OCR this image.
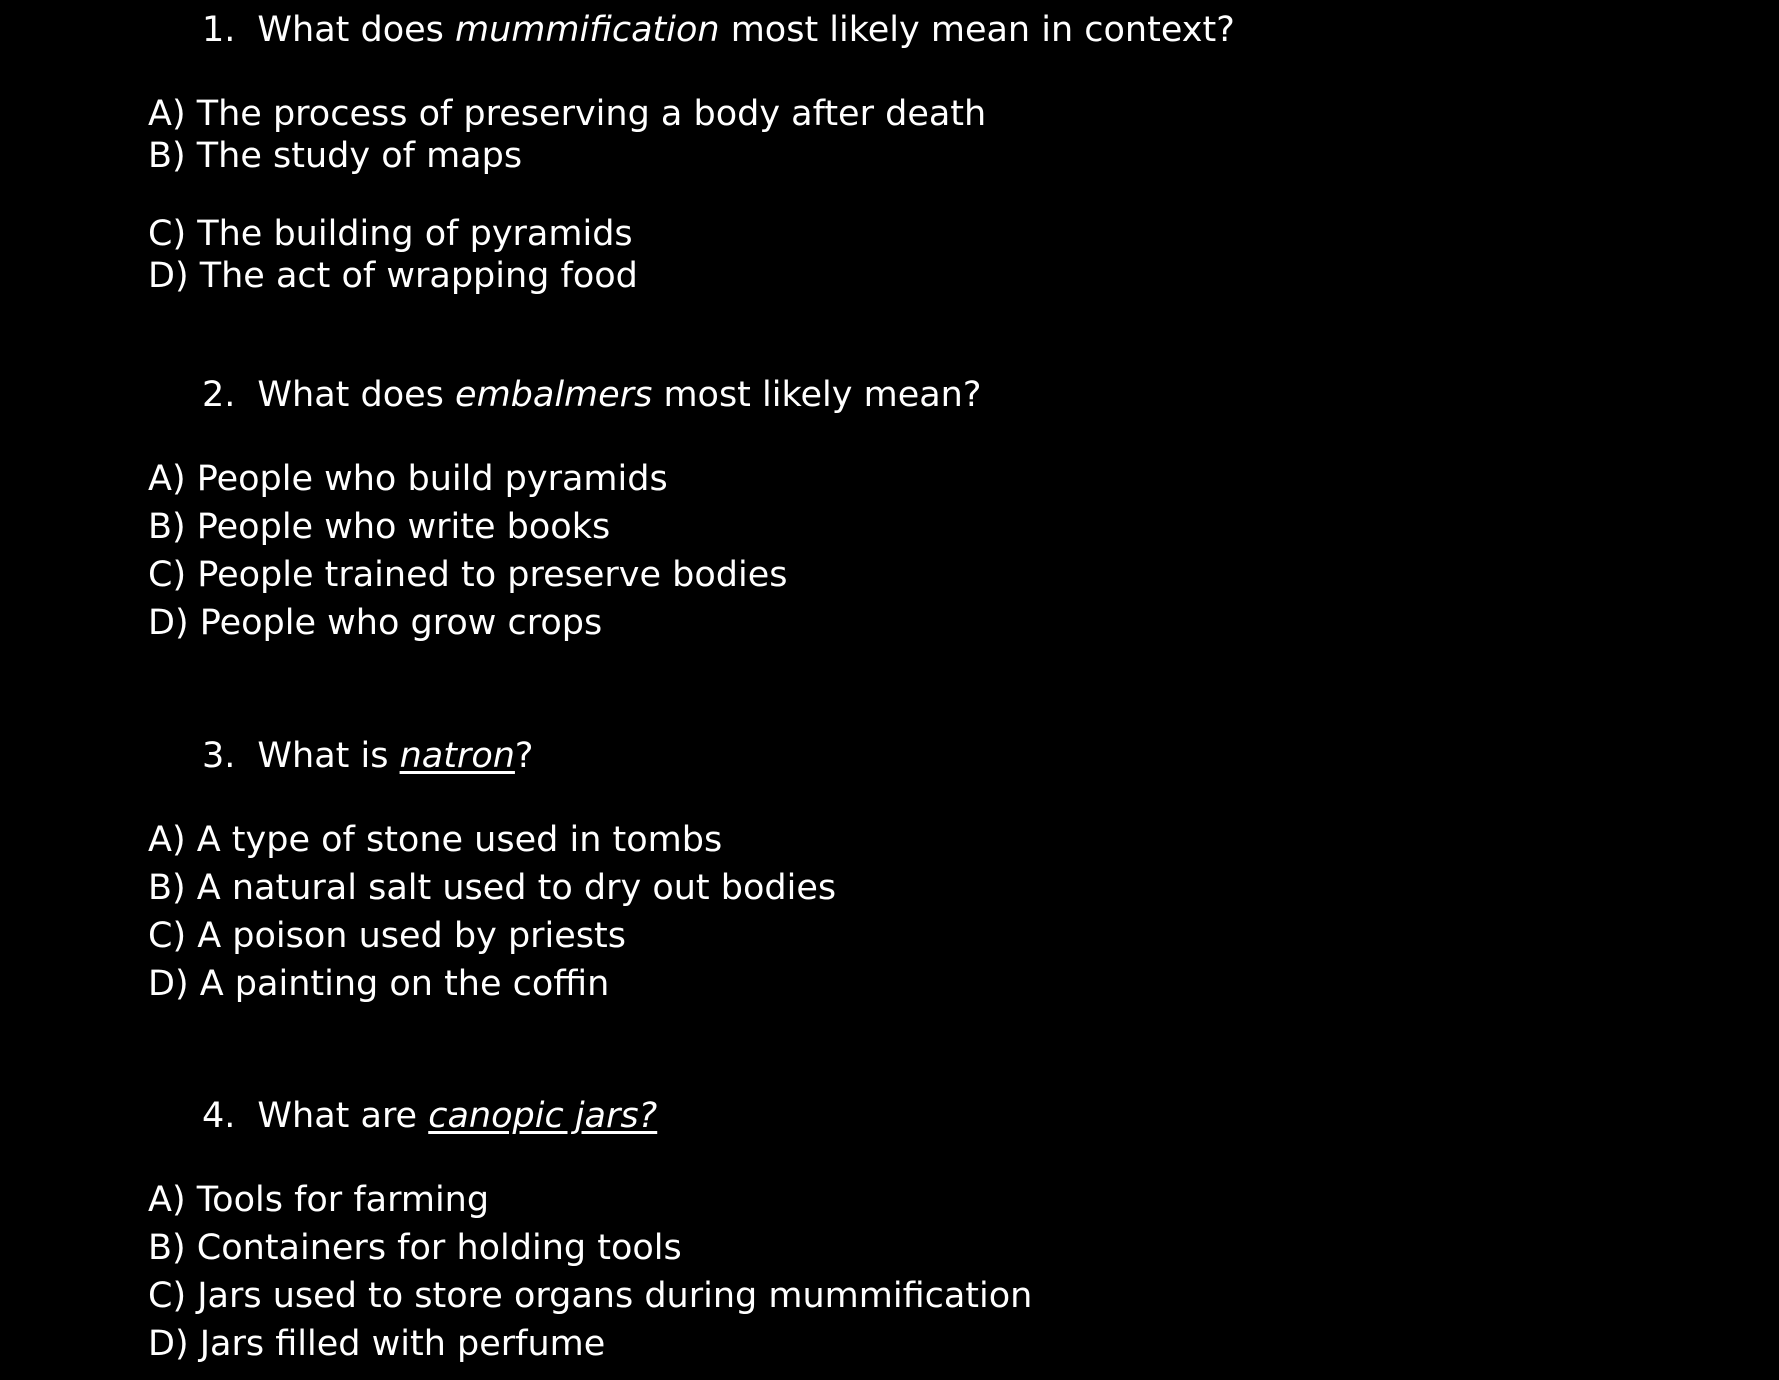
1. What does mummification most likely mean in context?
A) The process of preserving a body after death
B) The study of maps
C) The building of pyramids
D) The act of wrapping food
2. What does embalmers most likely mean?
A) People who build pyramids
B) People who write books
C) People trained to preserve bodies
D) People who grow crops
3. What is natron?
A) A type of stone used in tombs
B) A natural salt used to dry out bodies
C) A poison used by priests
D) A painting on the coffin
4. What are canopic jars?
A) Tools for farming
B) Containers for holding tools
C) Jars used to store organs during mummification
D) Jars filled with perfume
